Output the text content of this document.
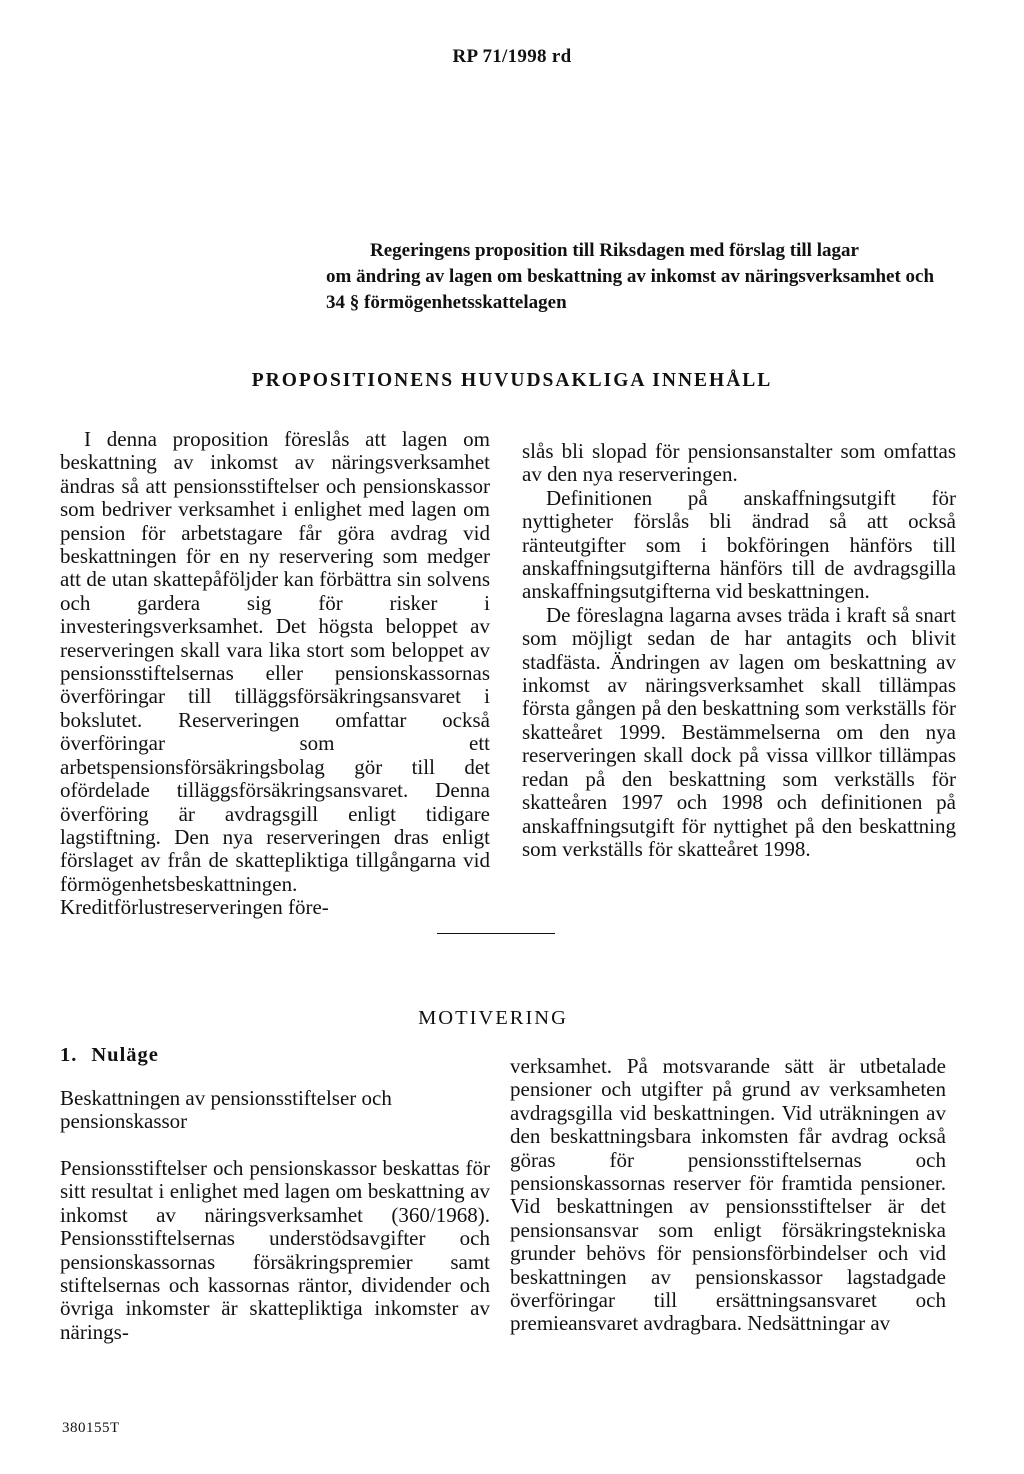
RP 71/1998 rd

Regeringens proposition till Riksdagen med förslag till lagar

om ändring av lagen om beskattning av inkomst av näringsverksamhet och 34 § förmögenhetsskattelagen

PROPOSITIONENS HUVUDSAKLIGA INNEHÅLL

I denna proposition föreslås att lagen om beskattning av inkomst av näringsverksamhet ändras så att pensionsstiftelser och pensionskassor som bedriver verksamhet i enlighet med lagen om pension för arbetstagare får göra avdrag vid beskattningen för en ny reservering som medger att de utan skattepåföljder kan förbättra sin solvens och gardera sig för risker i investeringsverksamhet. Det högsta beloppet av reserveringen skall vara lika stort som beloppet av pensionsstiftelsernas eller pensionskassornas överföringar till tilläggsförsäkringsansvaret i bokslutet. Reserveringen omfattar också överföringar som ett arbetspensionsförsäkringsbolag gör till det ofördelade tilläggsförsäkringsansvaret. Denna överföring är avdragsgill enligt tidigare lagstiftning. Den nya reserveringen dras enligt förslaget av från de skattepliktiga tillgångarna vid förmögenhetsbeskattningen. Kreditförlustreserveringen före-

slås bli slopad för pensionsanstalter som omfattas av den nya reserveringen.

Definitionen på anskaffningsutgift för nyttigheter förslås bli ändrad så att också ränteutgifter som i bokföringen hänförs till anskaffningsutgifterna hänförs till de avdragsgilla anskaffningsutgifterna vid beskattningen.

De föreslagna lagarna avses träda i kraft så snart som möjligt sedan de har antagits och blivit stadfästa. Ändringen av lagen om beskattning av inkomst av näringsverksamhet skall tillämpas första gången på den beskattning som verkställs för skatteåret 1999. Bestämmelserna om den nya reserveringen skall dock på vissa villkor tillämpas redan på den beskattning som verkställs för skatteåren 1997 och 1998 och definitionen på anskaffningsutgift för nyttighet på den beskattning som verkställs för skatteåret 1998.

MOTIVERING
1. Nuläge
Beskattningen av pensionsstiftelser och pensionskassor

Pensionsstiftelser och pensionskassor beskattas för sitt resultat i enlighet med lagen om beskattning av inkomst av näringsverksamhet (360/1968). Pensionsstiftelsernas understödsavgifter och pensionskassornas försäkringspremier samt stiftelsernas och kassornas räntor, dividender och övriga inkomster är skattepliktiga inkomster av närings-

verksamhet. På motsvarande sätt är utbetalade pensioner och utgifter på grund av verksamheten avdragsgilla vid beskattningen. Vid uträkningen av den beskattningsbara inkomsten får avdrag också göras för pensionsstiftelsernas och pensionskassornas reserver för framtida pensioner. Vid beskattningen av pensionsstiftelser är det pensionsansvar som enligt försäkringstekniska grunder behövs för pensionsförbindelser och vid beskattningen av pensionskassor lagstadgade överföringar till ersättningsansvaret och premieansvaret avdragbara. Nedsättningar av

380155T
